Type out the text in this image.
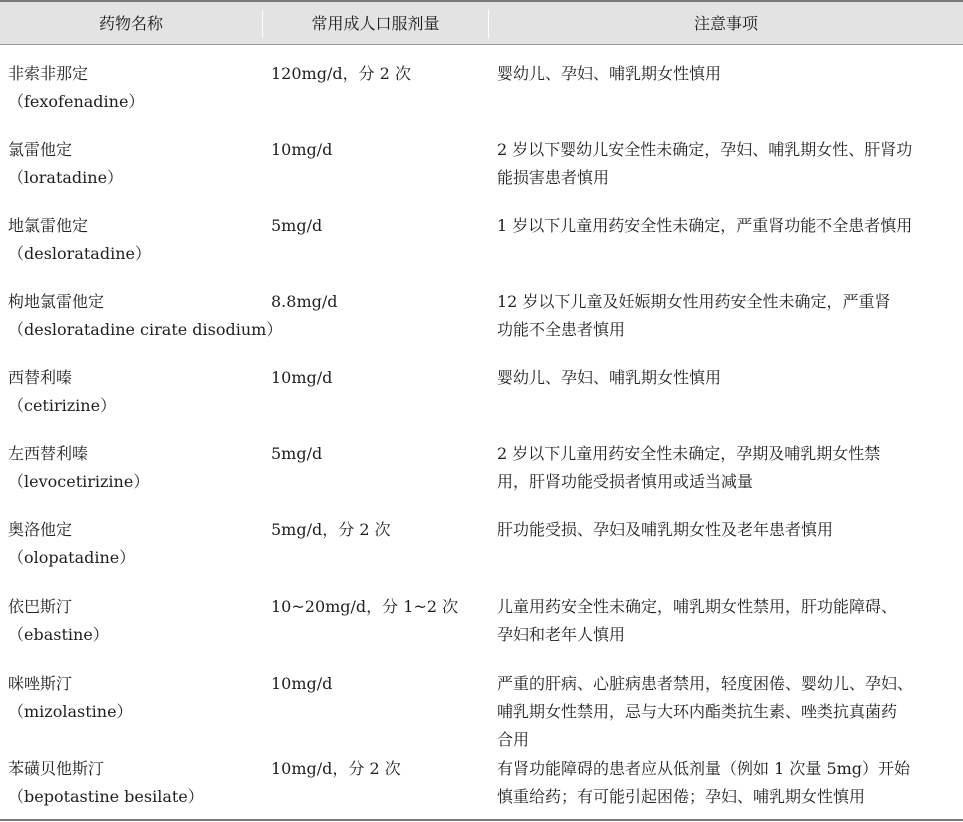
药物名称	常用成人口服剂量	注意事项
非索非那定
（fexofenadine）
120mg/d，分 2 次	婴幼儿、孕妇、哺乳期女性慎用
氯雷他定
（loratadine）
10mg/d	2 岁以下婴幼儿安全性未确定，孕妇、哺乳期女性、肝肾功
能损害患者慎用
地氯雷他定
（desloratadine）
5mg/d	1 岁以下儿童用药安全性未确定，严重肾功能不全患者慎用
枸地氯雷他定
（desloratadine cirate disodium）
8.8mg/d	12 岁以下儿童及妊娠期女性用药安全性未确定，严重肾
功能不全患者慎用
西替利嗪
（cetirizine）
10mg/d	婴幼儿、孕妇、哺乳期女性慎用
左西替利嗪
（levocetirizine）
5mg/d	2 岁以下儿童用药安全性未确定，孕期及哺乳期女性禁
用，肝肾功能受损者慎用或适当减量
奥洛他定
（olopatadine）
5mg/d，分 2 次	肝功能受损、孕妇及哺乳期女性及老年患者慎用
依巴斯汀
（ebastine）
10~20mg/d，分 1~2 次 儿童用药安全性未确定，哺乳期女性禁用，肝功能障碍、
孕妇和老年人慎用
咪唑斯汀
（mizolastine）
10mg/d	严重的肝病、心脏病患者禁用，轻度困倦、婴幼儿、孕妇、
哺乳期女性禁用，忌与大环内酯类抗生素、唑类抗真菌药
合用
苯磺贝他斯汀
（bepotastine besilate）
10mg/d，分 2 次	有肾功能障碍的患者应从低剂量（例如 1 次量 5mg）开始
慎重给药；有可能引起困倦；孕妇、哺乳期女性慎用
